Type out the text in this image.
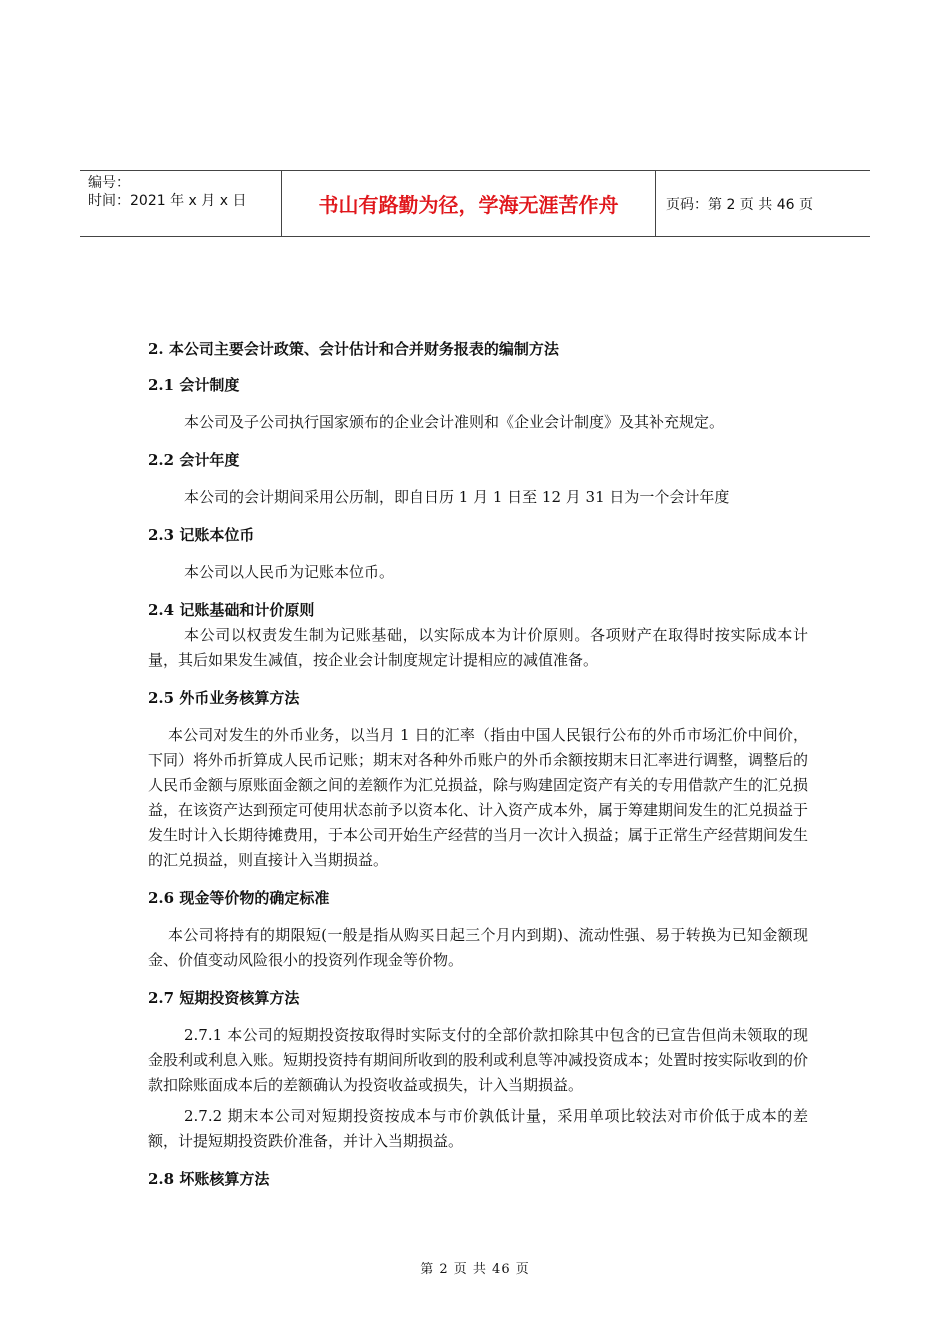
编号：
时间：2021 年 x 月 x 日	书山有路勤为径，学海无涯苦作舟	页码：第 2 页 共 46 页
2. 本公司主要会计政策、会计估计和合并财务报表的编制方法
2.1 会计制度
本公司及子公司执行国家颁布的企业会计准则和《企业会计制度》及其补充规定。
2.2 会计年度
本公司的会计期间采用公历制，即自日历 1 月 1 日至 12 月 31 日为一个会计年度
2.3 记账本位币
本公司以人民币为记账本位币。
2.4 记账基础和计价原则
本公司以权责发生制为记账基础，以实际成本为计价原则。各项财产在取得时按实际成本计量，其后如果发生减值，按企业会计制度规定计提相应的减值准备。
2.5 外币业务核算方法
本公司对发生的外币业务，以当月 1 日的汇率（指由中国人民银行公布的外币市场汇价中间价，下同）将外币折算成人民币记账；期末对各种外币账户的外币余额按期末日汇率进行调整，调整后的人民币金额与原账面金额之间的差额作为汇兑损益，除与购建固定资产有关的专用借款产生的汇兑损益，在该资产达到预定可使用状态前予以资本化、计入资产成本外，属于筹建期间发生的汇兑损益于发生时计入长期待摊费用，于本公司开始生产经营的当月一次计入损益；属于正常生产经营期间发生的汇兑损益，则直接计入当期损益。
2.6 现金等价物的确定标准
本公司将持有的期限短(一般是指从购买日起三个月内到期)、流动性强、易于转换为已知金额现金、价值变动风险很小的投资列作现金等价物。
2.7 短期投资核算方法
2.7.1 本公司的短期投资按取得时实际支付的全部价款扣除其中包含的已宣告但尚未领取的现金股利或利息入账。短期投资持有期间所收到的股利或利息等冲减投资成本；处置时按实际收到的价款扣除账面成本后的差额确认为投资收益或损失，计入当期损益。
2.7.2 期末本公司对短期投资按成本与市价孰低计量，采用单项比较法对市价低于成本的差额，计提短期投资跌价准备，并计入当期损益。
2.8 坏账核算方法
第 2 页 共 46 页
